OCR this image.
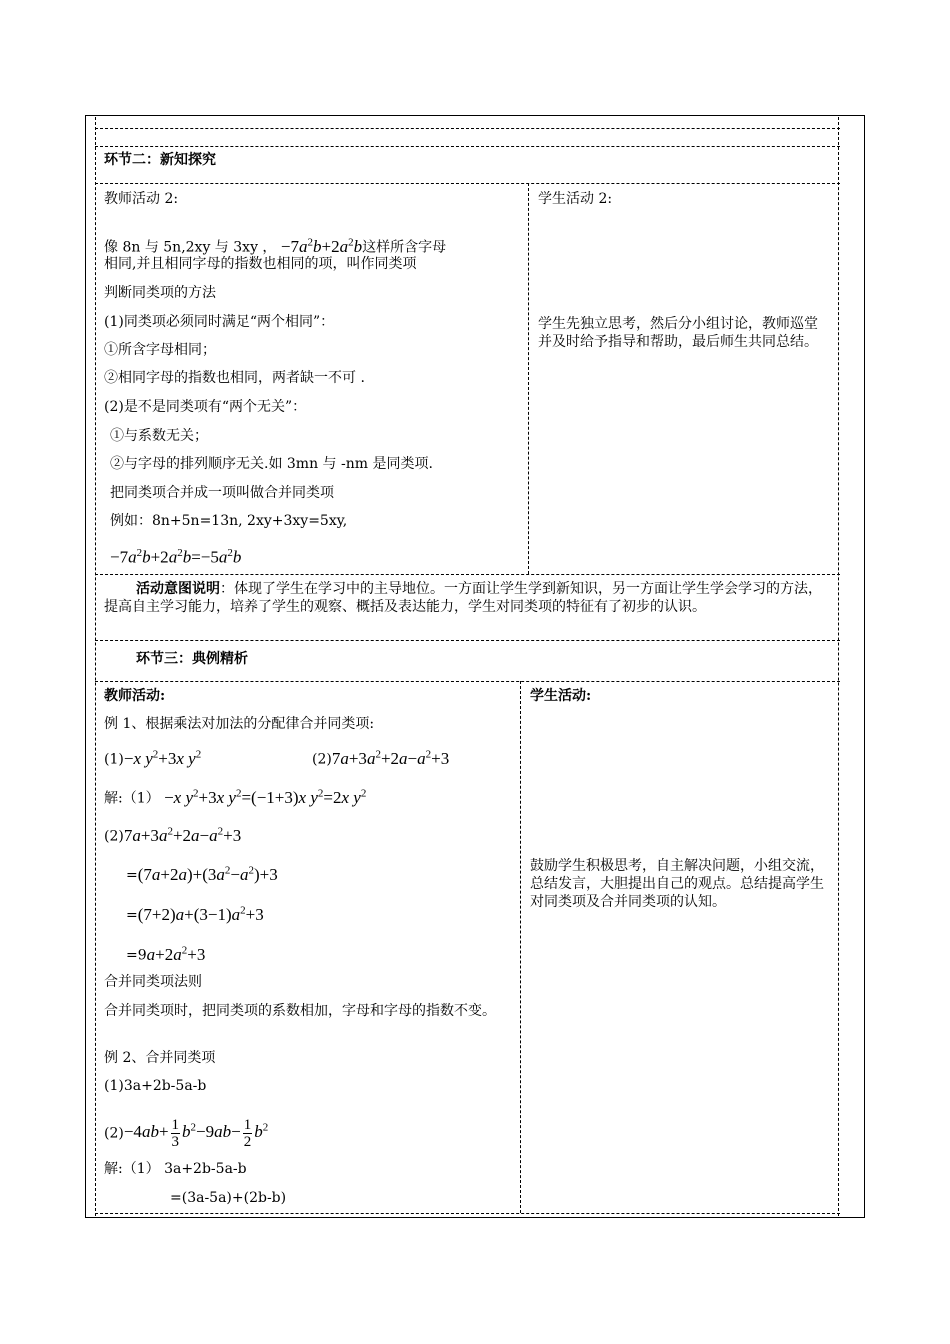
环节二：新知探究
教师活动 2:
像 8n 与 5n,2xy 与 3xy ， $-7a^2b+2a^2b$这样所含字母
相同,并且相同字母的指数也相同的项，叫作同类项
判断同类项的方法
(1)同类项必须同时满足“两个相同”：
①所含字母相同；
②相同字母的指数也相同，两者缺一不可 .
(2)是不是同类项有“两个无关”：
①与系数无关；
②与字母的排列顺序无关.如 3mn 与 -nm 是同类项.
把同类项合并成一项叫做合并同类项
例如：8n+5n=13n, 2xy+3xy=5xy,
$-7a^2b+2a^2b=-5a^2b$
学生活动 2:
学生先独立思考，然后分小组讨论，教师巡堂并及时给予指导和帮助，最后师生共同总结。
活动意图说明：体现了学生在学习中的主导地位。一方面让学生学到新知识，另一方面让学生学会学习的方法，提高自主学习能力，培养了学生的观察、概括及表达能力，学生对同类项的特征有了初步的认识。
环节三：典例精析
教师活动:
例 1、根据乘法对加法的分配律合并同类项:
(1)−x $y^2+3x$ $y^2$	$(2)7a+3a^2+2a-a^2+3$
解:（1） −x $y^2+3x$ $y^2=(-1+3)x$ $y^2=2x$ $y^2$
$(2)7a+3a^2+2a-a^2+3$
$=(7a+2a)+(3a^2-a^2)+3$
$=(7+2)a+(3-1)a^2+3$
$=9a+2a^2+3$
合并同类项法则
合并同类项时，把同类项的系数相加，字母和字母的指数不变。
例 2、合并同类项
(1)3a+2b-5a-b
$(2)-4ab+ \frac{1}{3} b^2-9ab- \frac{1}{2} b^2$
解:（1） 3a+2b-5a-b
=(3a-5a)+(2b-b)
学生活动:
鼓励学生积极思考，自主解决问题，小组交流，总结发言，大胆提出自己的观点。总结提高学生对同类项及合并同类项的认知。
